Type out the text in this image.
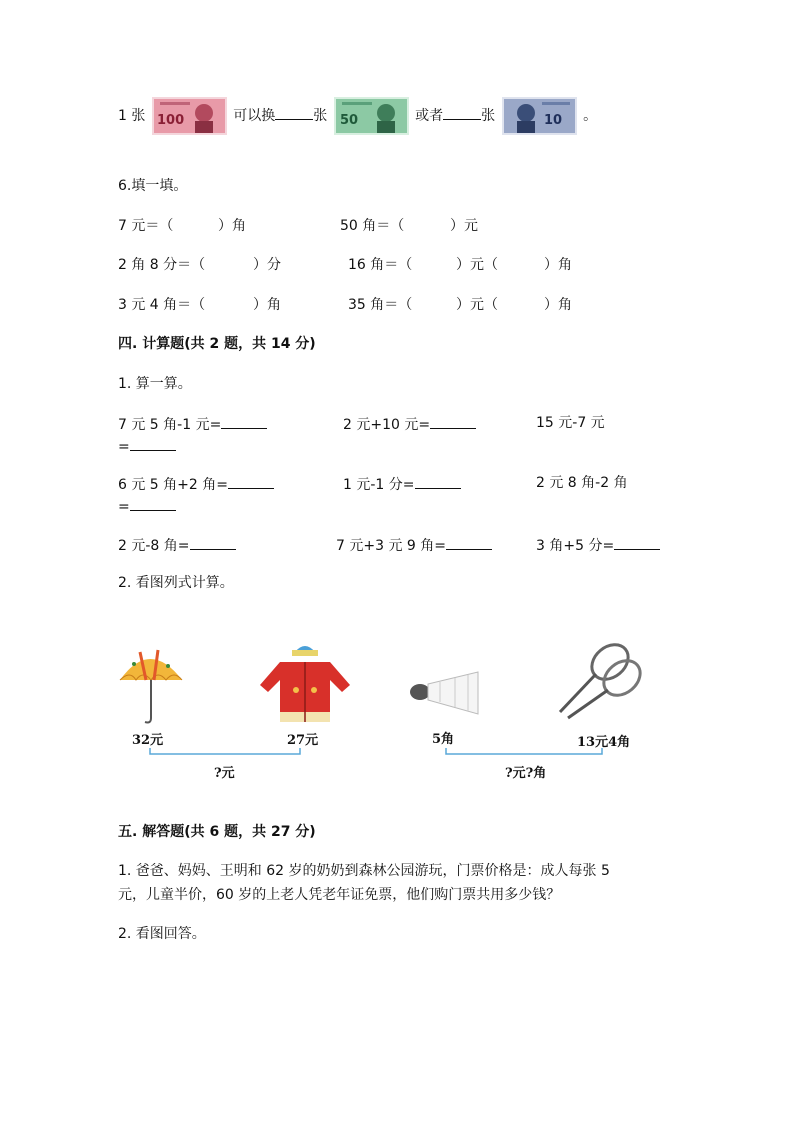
1 张 100	可以换	张 50	或者	张	10 。
6.填一填。
7 元＝（	）角	50 角＝（	）元
2 角 8 分＝（	）分	16 角＝（	）元（	）角
3 元 4 角＝（	）角	35 角＝（	）元（	）角
四. 计算题(共 2 题，共 14 分)
1. 算一算。
7 元 5 角-1 元=	2 元+10 元=	15 元-7 元
=
6 元 5 角+2 角=	1 元-1 分=	2 元 8 角-2 角
=
2 元-8 角=	7 元+3 元 9 角=	3 角+5 分=
2. 看图列式计算。
32元	27元
?元
5角	13元4角
?元?角
五. 解答题(共 6 题，共 27 分)
1. 爸爸、妈妈、王明和 62 岁的奶奶到森林公园游玩，门票价格是：成人每张 5
元，儿童半价，60 岁的上老人凭老年证免票，他们购门票共用多少钱？
2. 看图回答。
